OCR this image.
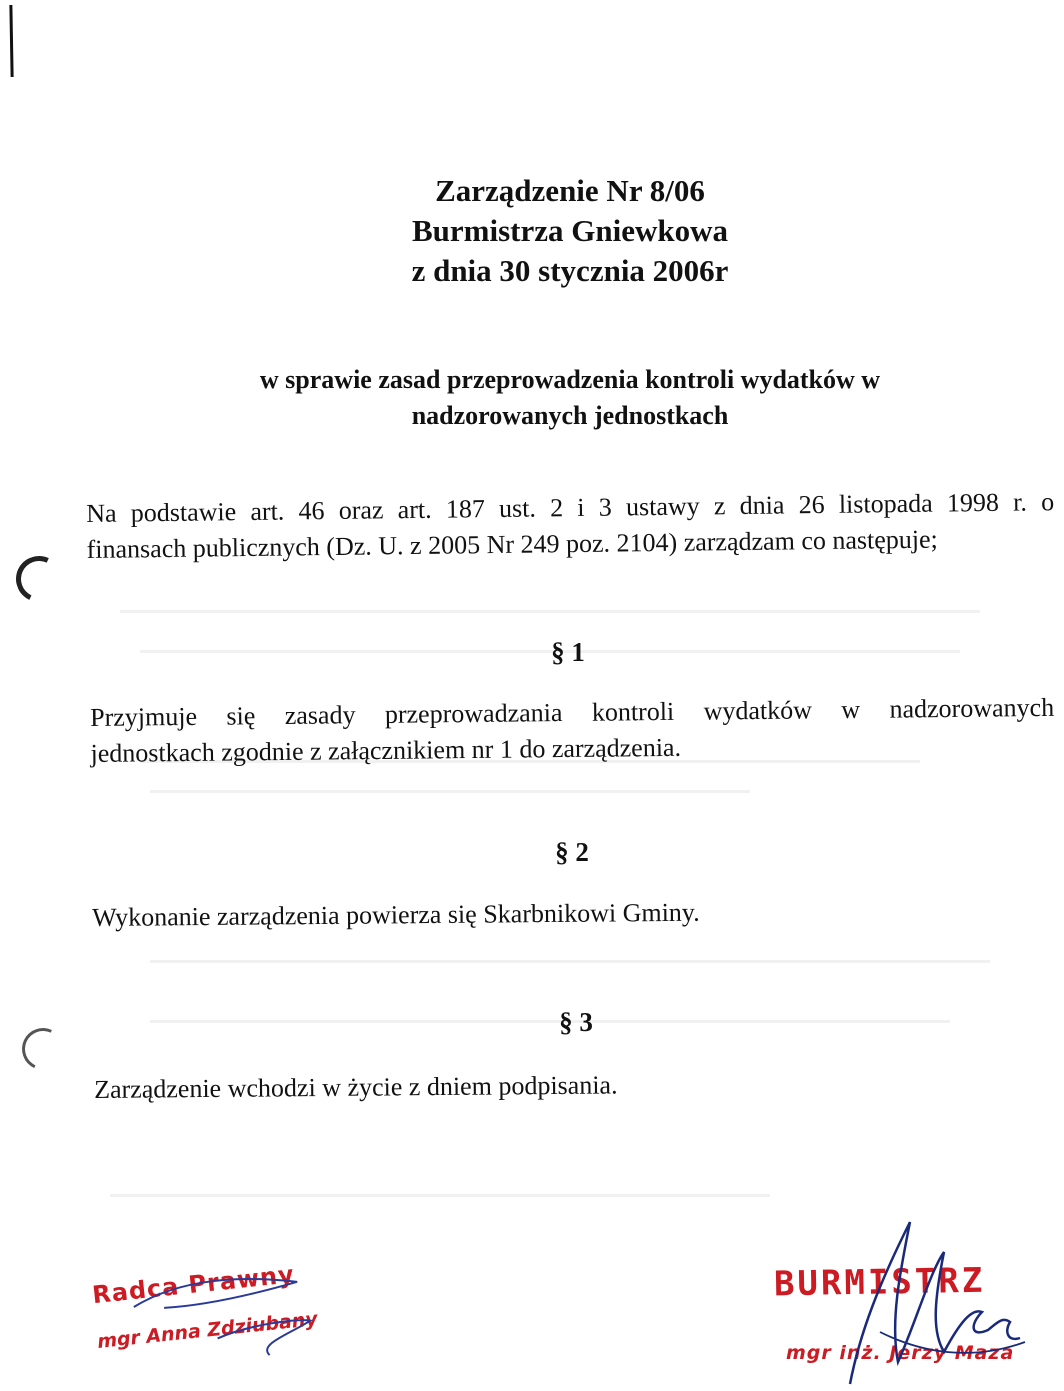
Zarządzenie Nr 8/06
Burmistrza Gniewkowa
z dnia 30 stycznia 2006r
w sprawie zasad przeprowadzenia kontroli wydatków w
nadzorowanych jednostkach
Na podstawie art. 46 oraz art. 187 ust. 2 i 3 ustawy z dnia 26 listopada 1998 r. o
finansach publicznych (Dz. U. z 2005 Nr 249 poz. 2104) zarządzam co następuje;
§ 1
Przyjmuje się zasady przeprowadzania kontroli wydatków w nadzorowanych
jednostkach zgodnie z załącznikiem nr 1 do zarządzenia.
§ 2
Wykonanie zarządzenia powierza się Skarbnikowi Gminy.
§ 3
Zarządzenie wchodzi w życie z dniem podpisania.
Radca Prawny
mgr Anna Zdziubany
BURMISTRZ
mgr inż. Jerzy Maza
